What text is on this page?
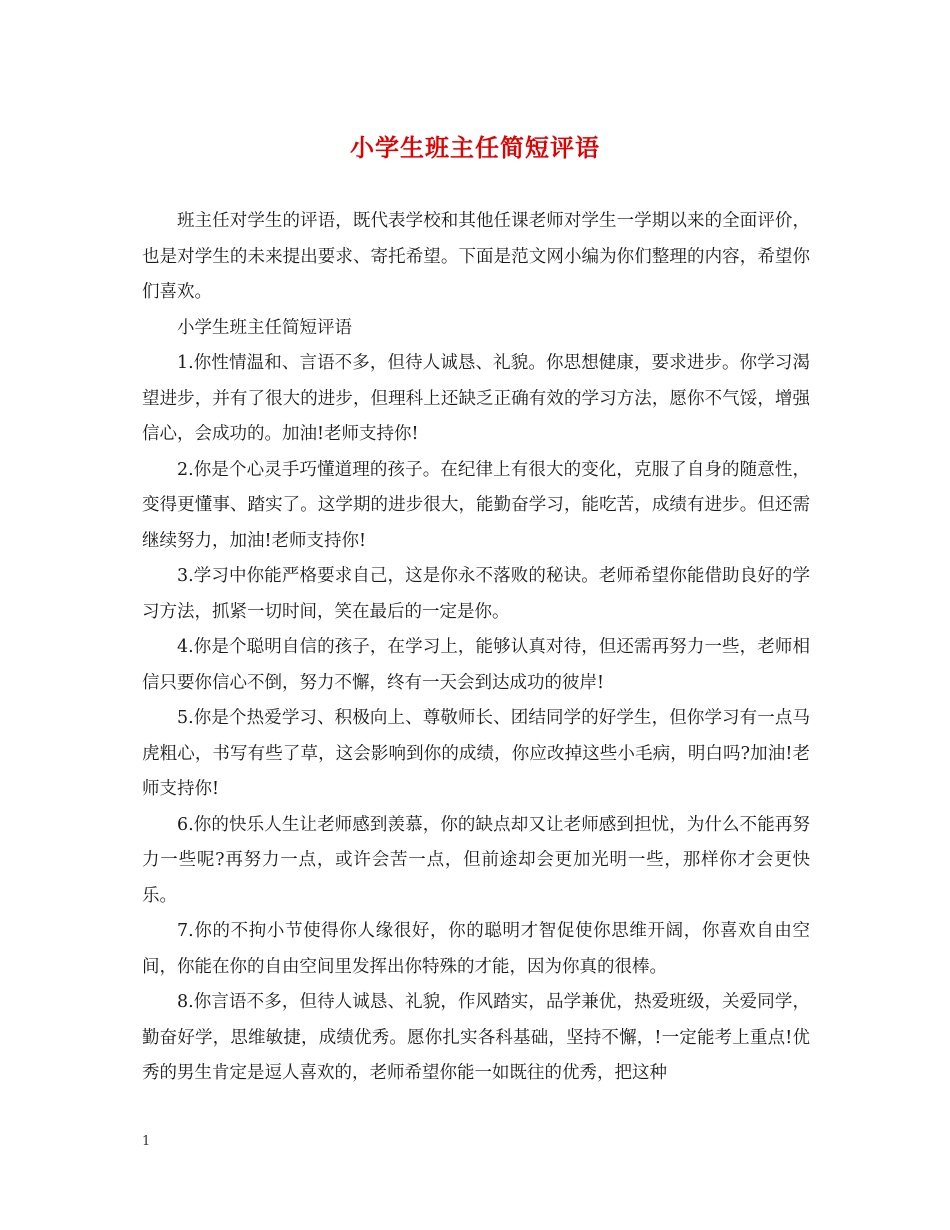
小学生班主任简短评语

班主任对学生的评语，既代表学校和其他任课老师对学生一学期以来的全面评价，也是对学生的未来提出要求、寄托希望。下面是范文网小编为你们整理的内容，希望你们喜欢。

小学生班主任简短评语

1.你性情温和、言语不多，但待人诚恳、礼貌。你思想健康，要求进步。你学习渴望进步，并有了很大的进步，但理科上还缺乏正确有效的学习方法，愿你不气馁，增强信心，会成功的。加油!老师支持你!

2.你是个心灵手巧懂道理的孩子。在纪律上有很大的变化，克服了自身的随意性，变得更懂事、踏实了。这学期的进步很大，能勤奋学习，能吃苦，成绩有进步。但还需继续努力，加油!老师支持你!

3.学习中你能严格要求自己，这是你永不落败的秘诀。老师希望你能借助良好的学习方法，抓紧一切时间，笑在最后的一定是你。

4.你是个聪明自信的孩子，在学习上，能够认真对待，但还需再努力一些，老师相信只要你信心不倒，努力不懈，终有一天会到达成功的彼岸!

5.你是个热爱学习、积极向上、尊敬师长、团结同学的好学生，但你学习有一点马虎粗心，书写有些了草，这会影响到你的成绩，你应改掉这些小毛病，明白吗?加油!老师支持你!

6.你的快乐人生让老师感到羡慕，你的缺点却又让老师感到担忧，为什么不能再努力一些呢?再努力一点，或许会苦一点，但前途却会更加光明一些，那样你才会更快乐。

7.你的不拘小节使得你人缘很好，你的聪明才智促使你思维开阔，你喜欢自由空间，你能在你的自由空间里发挥出你特殊的才能，因为你真的很棒。

8.你言语不多，但待人诚恳、礼貌，作风踏实，品学兼优，热爱班级，关爱同学，勤奋好学，思维敏捷，成绩优秀。愿你扎实各科基础，坚持不懈，!一定能考上重点!优秀的男生肯定是逗人喜欢的，老师希望你能一如既往的优秀，把这种

1
